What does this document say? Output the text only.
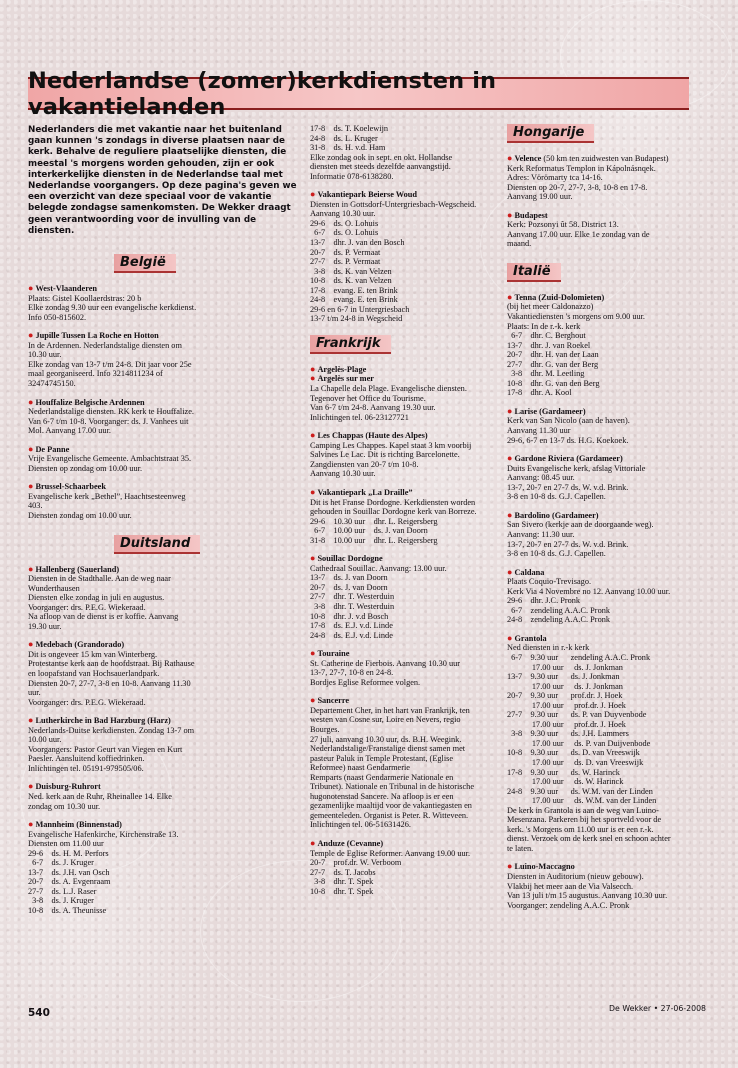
Nederlandse (zomer)kerkdiensten in vakantielanden

Nederlanders die met vakantie naar het buitenland gaan kunnen 's zondags in diverse plaatsen naar de kerk. Behalve de reguliere plaatselijke diensten, die meestal 's morgens worden gehouden, zijn er ook interkerkelijke diensten in de Nederlandse taal met Nederlandse voorgangers. Op deze pagina's geven we een overzicht van deze speciaal voor de vakantie belegde zondagse samenkomsten. De Wekker draagt geen verantwoording voor de invulling van de diensten.

België
● West-Vlaanderen
Plaats: Gistel Koollaerdstras: 20 b
Elke zondag 9.30 uur een evangelische kerkdienst.
Info 050-815602.
● Jupille Tussen La Roche en Hotton
In de Ardennen. Nederlandstalige diensten om
10.30 uur.
Elke zondag van 13-7 t/m 24-8. Dit jaar voor 25e
maal georganiseerd. Info 3214811234 of
32474745150.
● Houffalize Belgische Ardennen
Nederlandstalige diensten. RK kerk te Houffalize.
Van 6-7 t/m 10-8. Voorganger: ds. J. Vanhees uit
Mol. Aanvang 17.00 uur.
● De Panne
Vrije Evangelische Gemeente. Ambachtstraat 35.
Diensten op zondag om 10.00 uur.
● Brussel-Schaarbeek
Evangelische kerk „Bethel”, Haachtsesteenweg
403.
Diensten zondag om 10.00 uur.
Duitsland
● Hallenberg (Sauerland)
Diensten in de Stadthalle. Aan de weg naar
Wunderthausen
Diensten elke zondag in juli en augustus.
Voorganger: drs. P.E.G. Wiekeraad.
Na afloop van de dienst is er koffie. Aanvang
19.30 uur.
● Medebach (Grandorado)
Dit is ongeveer 15 km van Winterberg.
Protestantse kerk aan de hoofdstraat. Bij Rathause
en loopafstand van Hochsauerlandpark.
Diensten 20-7, 27-7, 3-8 en 10-8. Aanvang 11.30
uur.
Voorganger: drs. P.E.G. Wiekeraad.
● Lutherkirche in Bad Harzburg (Harz)
Nederlands-Duitse kerkdiensten. Zondag 13-7 om
10.00 uur.
Voorgangers: Pastor Geurt van Viegen en Kurt
Paesler. Aansluitend koffiedrinken.
Inlichtingen tel. 05191-979505/06.
● Duisburg-Ruhrort
Ned. kerk aan de Ruhr, Rheinallee 14. Elke
zondag om 10.30 uur.
● Mannheim (Binnenstad)
Evangelische Hafenkirche, Kirchenstraße 13.
Diensten om 11.00 uur
29-6    ds. H. M. Perfors
6-7    ds. J. Kruger
13-7    ds. J.H. van Osch
20-7    ds. A. Evgenraam
27-7    ds. L.J. Raser
3-8    ds. J. Kruger
10-8    ds. A. Theunisse
17-8    ds. T. Koelewijn
24-8    ds. L. Kruger
31-8    ds. H. v.d. Ham
Elke zondag ook in sept. en okt. Hollandse
diensten met steeds dezelfde aanvangstijd.
Informatie 078-6138280.
● Vakantiepark Beierse Woud
Diensten in Gottsdorf-Untergriesbach-Wegscheid.
Aanvang 10.30 uur.
29-6    ds. O. Lohuis
6-7    ds. O. Lohuis
13-7    dhr. J. van den Bosch
20-7    ds. P. Vermaat
27-7    ds. P. Vermaat
3-8    ds. K. van Velzen
10-8    ds. K. van Velzen
17-8    evang. E. ten Brink
24-8    evang. E. ten Brink
29-6 en 6-7 in Untergriesbach
13-7 t/m 24-8 in Wegscheid
Frankrijk
● Argelès-Plage
● Argelès sur mer
La Chapelle dela Plage. Evangelische diensten.
Tegenover het Office du Tourisme.
Van 6-7 t/m 24-8. Aanvang 19.30 uur.
Inlichtingen tel. 06-23127721
● Les Chappas (Haute des Alpes)
Camping Les Chappes. Kapel staat 3 km voorbij
Salvines Le Lac. Dit is richting Barcelonette.
Zangdiensten van 20-7 t/m 10-8.
Aanvang 10.30 uur.
● Vakantiepark „La Draille”
Dit is het Franse Dordogne. Kerkdiensten worden
gehouden in Souillac Dordogne kerk van Borreze.
29-6    10.30 uur    dhr. L. Reigersberg
6-7    10.00 uur    ds. J. van Doorn
31-8    10.00 uur    dhr. L. Reigersberg
● Souillac Dordogne
Cathedraal Souillac. Aanvang: 13.00 uur.
13-7    ds. J. van Doorn
20-7    ds. J. van Doorn
27-7    dhr. T. Westerduin
3-8    dhr. T. Westerduin
10-8    dhr. J. v.d Bosch
17-8    ds. E.J. v.d. Linde
24-8    ds. E.J. v.d. Linde
● Touraine
St. Catherine de Fierbois. Aanvang 10.30 uur
13-7, 27-7, 10-8 en 24-8.
Bordjes Eglise Reformee volgen.
● Sancerre
Departement Cher, in het hart van Frankrijk, ten
westen van Cosne sur, Loire en Nevers, regio
Bourges.
27 juli, aanvang 10.30 uur, ds. B.H. Weegink.
Nederlandstalige/Franstalige dienst samen met
pasteur Paluk in Temple Protestant, (Eglise
Reformee) naast Gendarmerie
Remparts (naast Gendarmerie Nationale en
Tribunet). Nationale en Tribunal in de historische
hugonotenstad Sancere. Na afloop is er een
gezamenlijke maaltijd voor de vakantiegasten en
gemeenteleden. Organist is Peter. R. Witteveen.
Inlichtingen tel. 06-51631426.
● Anduze (Cevanne)
Temple de Eglise Reformer. Aanvang 19.00 uur.
20-7    prof.dr. W. Verboom
27-7    ds. T. Jacobs
3-8    dhr. T. Spek
10-8    dhr. T. Spek
Hongarije
● Velence (50 km ten zuidwesten van Budapest)
Kerk Reformatus Templon in Kápolnásnqek.
Adres: Vörömarty tca 14-16.
Diensten op 20-7, 27-7, 3-8, 10-8 en 17-8.
Aanvang 19.00 uur.
● Budapest
Kerk: Pozsonyi ût 58. District 13.
Aanvang 17.00 uur. Elke 1e zondag van de
maand.
Italië
● Tenna (Zuid-Dolomieten)
(bij het meer Caldonazzo)
Vakantiediensten 's morgens om 9.00 uur.
Plaats: In de r.-k. kerk
6-7    dhr. C. Berghout
13-7    dhr. J. van Roekel
20-7    dhr. H. van der Laan
27-7    dhr. G. van der Berg
3-8    dhr. M. Leetling
10-8    dhr. G. van den Berg
17-8    dhr. A. Kool
● Larise (Gardameer)
Kerk van San Nicolo (aan de haven).
Aanvang 11.30 uur
29-6, 6-7 en 13-7 ds. H.G. Koekoek.
● Gardone Riviera (Gardameer)
Duits Evangelische kerk, afslag Vittoriale
Aanvang: 08.45 uur.
13-7, 20-7 en 27-7 ds. W. v.d. Brink.
3-8 en 10-8 ds. G.J. Capellen.
● Bardolino (Gardameer)
San Sivero (kerkje aan de doorgaande weg).
Aanvang: 11.30 uur.
13-7, 20-7 en 27-7 ds. W. v.d. Brink.
3-8 en 10-8 ds. G.J. Capellen.
● Caldana
Plaats Coquio-Trevisago.
Kerk Via 4 Novembre no 12. Aanvang 10.00 uur.
29-6    dhr. J.C. Pronk
6-7    zendeling A.A.C. Pronk
24-8    zendeling A.A.C. Pronk
● Grantola
Ned diensten in r.-k kerk
6-7    9.30 uur      zendeling A.A.C. Pronk
17.00 uur     ds. J. Jonkman
13-7    9.30 uur      ds. J. Jonkman
17.00 uur     ds. J. Jonkman
20-7    9.30 uur      prof.dr. J. Hoek
17.00 uur     prof.dr. J. Hoek
27-7    9.30 uur      ds. P. van Duyvenbode
17.00 uur     prof.dr. J. Hoek
3-8    9.30 uur      ds. J.H. Lammers
17.00 uur     ds. P. van Duijvenbode
10-8    9.30 uur      ds. D. van Vreeswijk
17.00 uur     ds. D. van Vreeswijk
17-8    9.30 uur      ds. W. Harinck
17.00 uur     ds. W. Harinck
24-8    9.30 uur      ds. W.M. van der Linden
17.00 uur     ds. W.M. van der Linden
De kerk in Grantola is aan de weg van Luino-
Mesenzana. Parkeren bij het sportveld voor de
kerk. 's Morgens om 11.00 uur is er een r.-k.
dienst. Verzoek om de kerk snel en schoon achter
te laten.
● Luino-Maccagno
Diensten in Auditorium (nieuw gebouw).
Vlakbij het meer aan de Via Valsecch.
Van 13 juli t/m 15 augustus. Aanvang 10.30 uur.
Voorganger: zendeling A.A.C. Pronk
540	De Wekker • 27-06-2008
